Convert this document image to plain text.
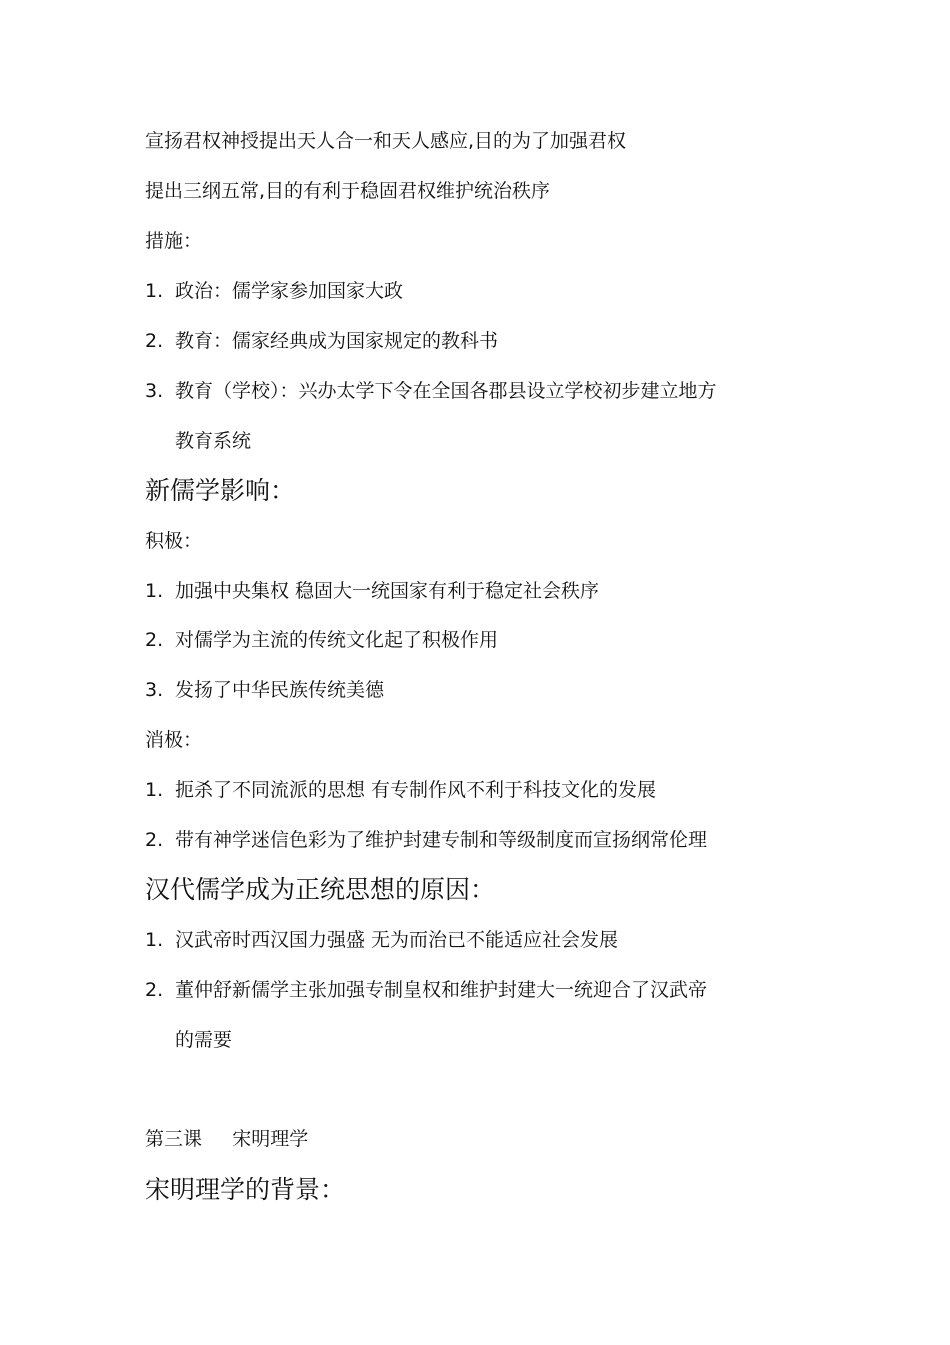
宣扬君权神授提出天人合一和天人感应,目的为了加强君权
提出三纲五常,目的有利于稳固君权维护统治秩序
措施：
1. 政治：儒学家参加国家大政
2. 教育：儒家经典成为国家规定的教科书
3. 教育（学校）：兴办太学下令在全国各郡县设立学校初步建立地方
教育系统
新儒学影响：
积极：
1. 加强中央集权 稳固大一统国家有利于稳定社会秩序
2. 对儒学为主流的传统文化起了积极作用
3. 发扬了中华民族传统美德
消极：
1. 扼杀了不同流派的思想 有专制作风不利于科技文化的发展
2. 带有神学迷信色彩为了维护封建专制和等级制度而宣扬纲常伦理
汉代儒学成为正统思想的原因：
1. 汉武帝时西汉国力强盛 无为而治已不能适应社会发展
2. 董仲舒新儒学主张加强专制皇权和维护封建大一统迎合了汉武帝
的需要
第三课     宋明理学
宋明理学的背景：
